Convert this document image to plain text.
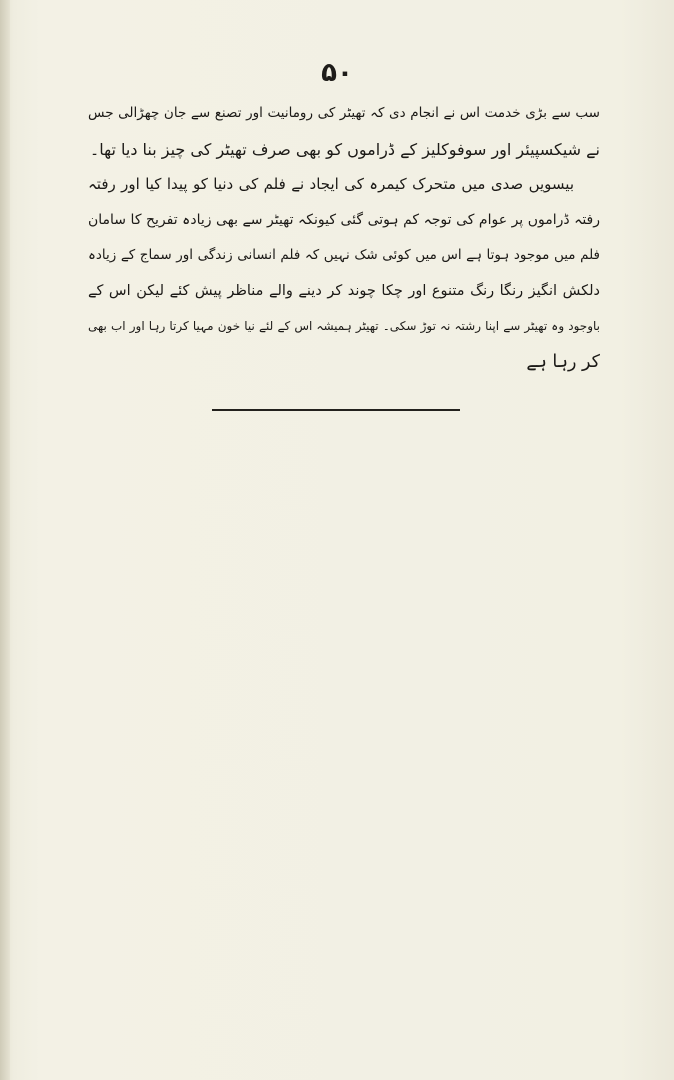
۵۰
سب سے بڑی خدمت اس نے انجام دی کہ تھیٹر کی رومانیت اور تصنع سے جان چھڑالی جس
نے شیکسپیئر اور سوفوکلیز کے ڈراموں کو بھی صرف تھیٹر کی چیز بنا دیا تھا۔
بیسویں صدی میں متحرک کیمرہ کی ایجاد نے فلم کی دنیا کو پیدا کیا اور رفتہ
رفتہ ڈراموں پر عوام کی توجہ کم ہوتی گئی کیونکہ تھیٹر سے بھی زیادہ تفریح کا سامان
فلم میں موجود ہوتا ہے اس میں کوئی شک نہیں کہ فلم انسانی زندگی اور سماج کے زیادہ
دلکش انگیز رنگا رنگ متنوع اور چکا چوند کر دینے والے مناظر پیش کئے لیکن اس کے
باوجود وہ تھیٹر سے اپنا رشتہ نہ توڑ سکی۔ تھیٹر ہمیشہ اس کے لئے نیا خون مہیا کرتا رہا اور اب بھی
کر رہا ہے
